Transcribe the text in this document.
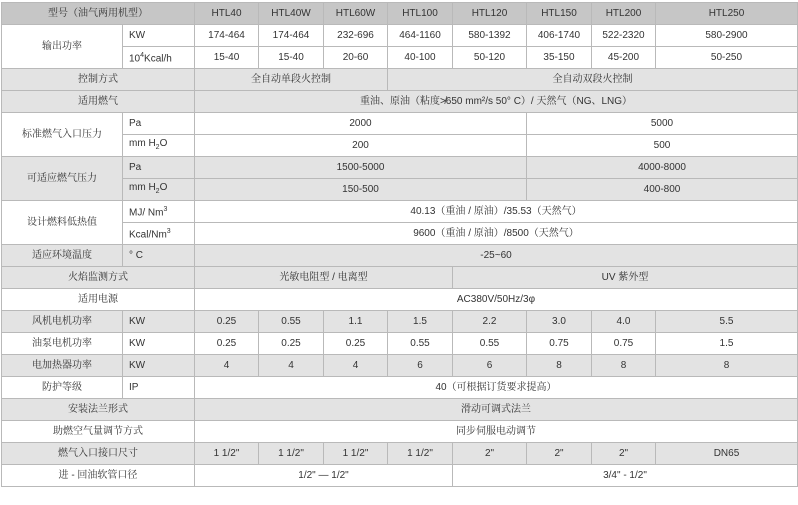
型号（油气两用机型）		HTL40	HTL40W	HTL60W	HTL100	HTL120	HTL150	HTL200	HTL250
输出功率	KW	174-464	174-464	232-696	464-1160	580-1392	406-1740	522-2320	580-2900
	$10^4Kcal/h$	15-40	15-40	20-60	40-100	50-120	35-150	45-200	50-250
控制方式		全自动单段火控制			全自动双段火控制				
适用燃气		重油、原油（粘度≯650 mm²/s 50° C）/ 天然气（NG、LNG）							
标准燃气入口压力	Pa	2000					5000		
	mm $H_2O$	200					500		
可适应燃气压力	Pa	1500-5000					4000-8000		
	mm $H_2O$	150-500					400-800		
设计燃料低热值	MJ/ Nm$^3$	40.13（重油 / 原油）/35.53（天然气）							
	Kcal/Nm$^3$	9600（重油 / 原油）/8500（天然气）							
适应环境温度	° C	-25~60							
火焰监测方式		光敏电阻型 / 电离型				UV 紫外型			
适用电源		AC380V/50Hz/3φ							
风机电机功率	KW	0.25	0.55	1.1	1.5	2.2	3.0	4.0	5.5
油泵电机功率	KW	0.25	0.25	0.25	0.55	0.55	0.75	0.75	1.5
电加热器功率	KW	4	4	4	6	6	8	8	8
防护等级	IP	40（可根据订货要求提高）							
安装法兰形式		滑动可调式法兰							
助燃空气量调节方式		同步伺服电动调节							
燃气入口接口尺寸		1 1/2"	1 1/2"	1 1/2"	1 1/2"	2"	2"	2"	DN65
进 - 回油软管口径		1/2" — 1/2"				3/4" - 1/2"			
